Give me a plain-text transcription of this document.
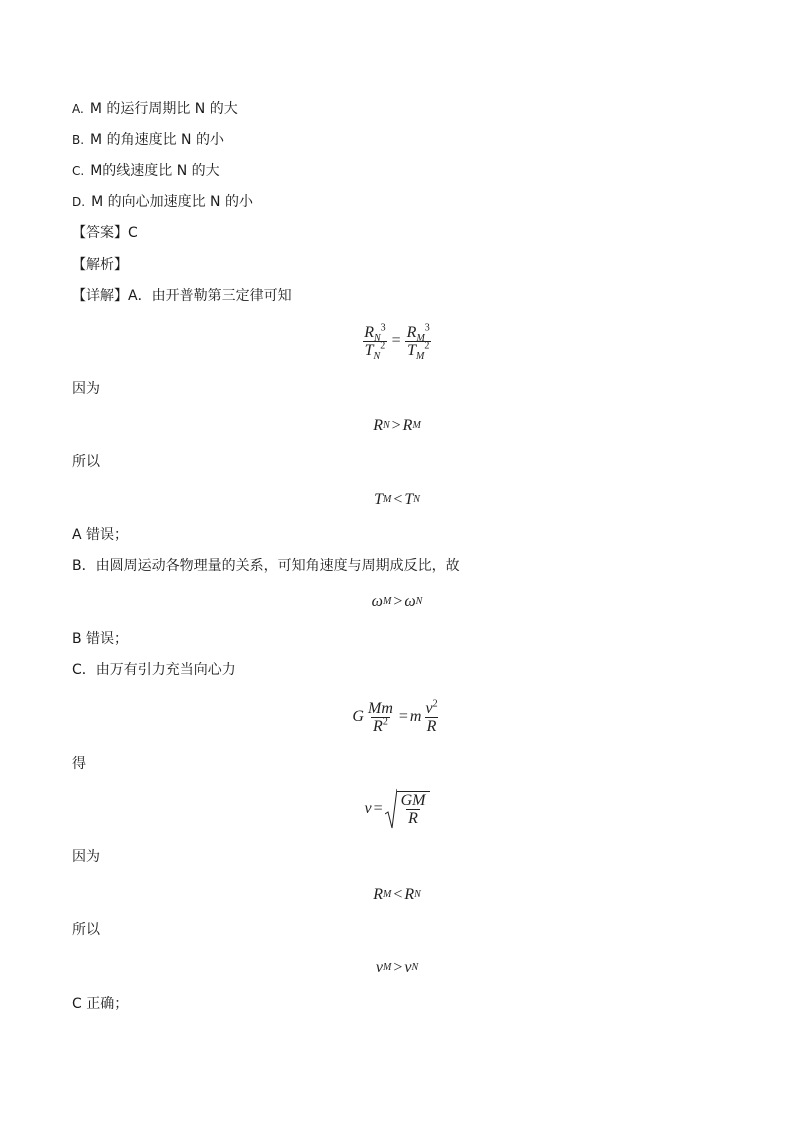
A. M 的运行周期比 N 的大
B. M 的角速度比 N 的小
C. M的线速度比 N 的大
D. M 的向心加速度比 N 的小
【答案】C
【解析】
【详解】A．由开普勒第三定律可知
$\frac{R_N^3}{T_N^2} = \frac{R_M^3}{T_M^2}$
因为
R N > R M
所以
T M < T N
A 错误；
B．由圆周运动各物理量的关系，可知角速度与周期成反比，故
ω M > ω N
B 错误；
C．由万有引力充当向心力
G $\frac{Mm}{R^2} = m \frac{v^2}{R}$
得
$v = \frac{GM}{R}$
因为
R M < R N
所以
v M > v N
C 正确；
